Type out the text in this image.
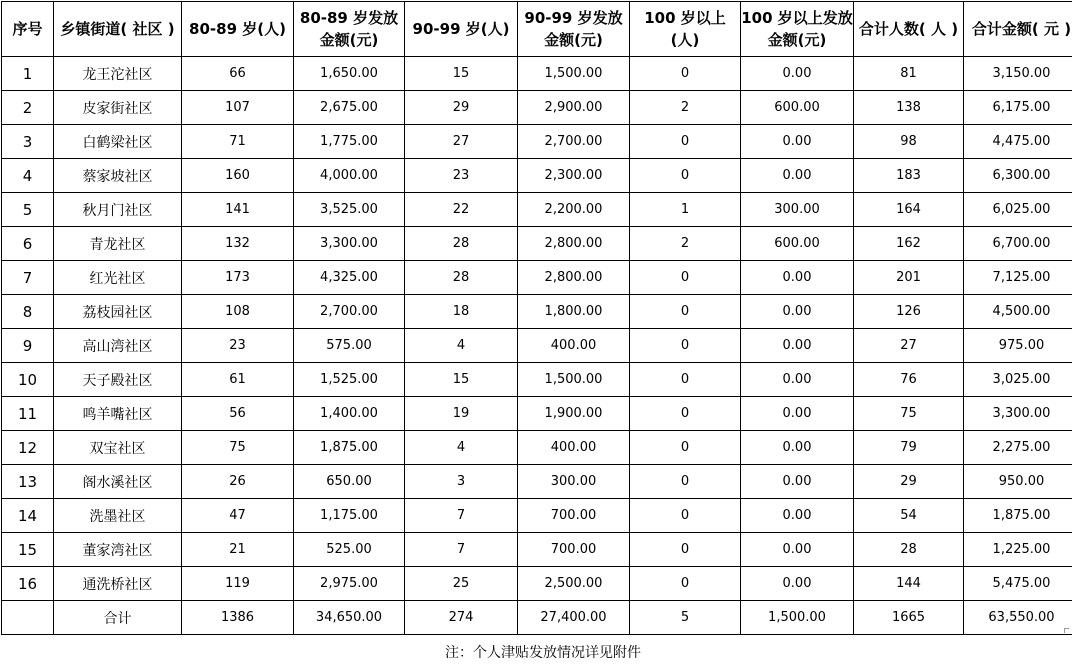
序号	乡镇街道( 社区 )	80-89 岁(人)	80-89 岁发放金额(元)	90-99 岁(人)	90-99 岁发放金额(元)	100 岁以上(人)	100 岁以上发放金额(元)	合计人数( 人 )	合计金额( 元 )
1	龙王沱社区	66	1,650.00	15	1,500.00	0	0.00	81	3,150.00
2	皮家街社区	107	2,675.00	29	2,900.00	2	600.00	138	6,175.00
3	白鹤梁社区	71	1,775.00	27	2,700.00	0	0.00	98	4,475.00
4	蔡家坡社区	160	4,000.00	23	2,300.00	0	0.00	183	6,300.00
5	秋月门社区	141	3,525.00	22	2,200.00	1	300.00	164	6,025.00
6	青龙社区	132	3,300.00	28	2,800.00	2	600.00	162	6,700.00
7	红光社区	173	4,325.00	28	2,800.00	0	0.00	201	7,125.00
8	荔枝园社区	108	2,700.00	18	1,800.00	0	0.00	126	4,500.00
9	高山湾社区	23	575.00	4	400.00	0	0.00	27	975.00
10	天子殿社区	61	1,525.00	15	1,500.00	0	0.00	76	3,025.00
11	鸣羊嘴社区	56	1,400.00	19	1,900.00	0	0.00	75	3,300.00
12	双宝社区	75	1,875.00	4	400.00	0	0.00	79	2,275.00
13	阁水溪社区	26	650.00	3	300.00	0	0.00	29	950.00
14	洗墨社区	47	1,175.00	7	700.00	0	0.00	54	1,875.00
15	董家湾社区	21	525.00	7	700.00	0	0.00	28	1,225.00
16	通洗桥社区	119	2,975.00	25	2,500.00	0	0.00	144	5,475.00
	合计	1386	34,650.00	274	27,400.00	5	1,500.00	1665	63,550.00
注：个人津贴发放情况详见附件
